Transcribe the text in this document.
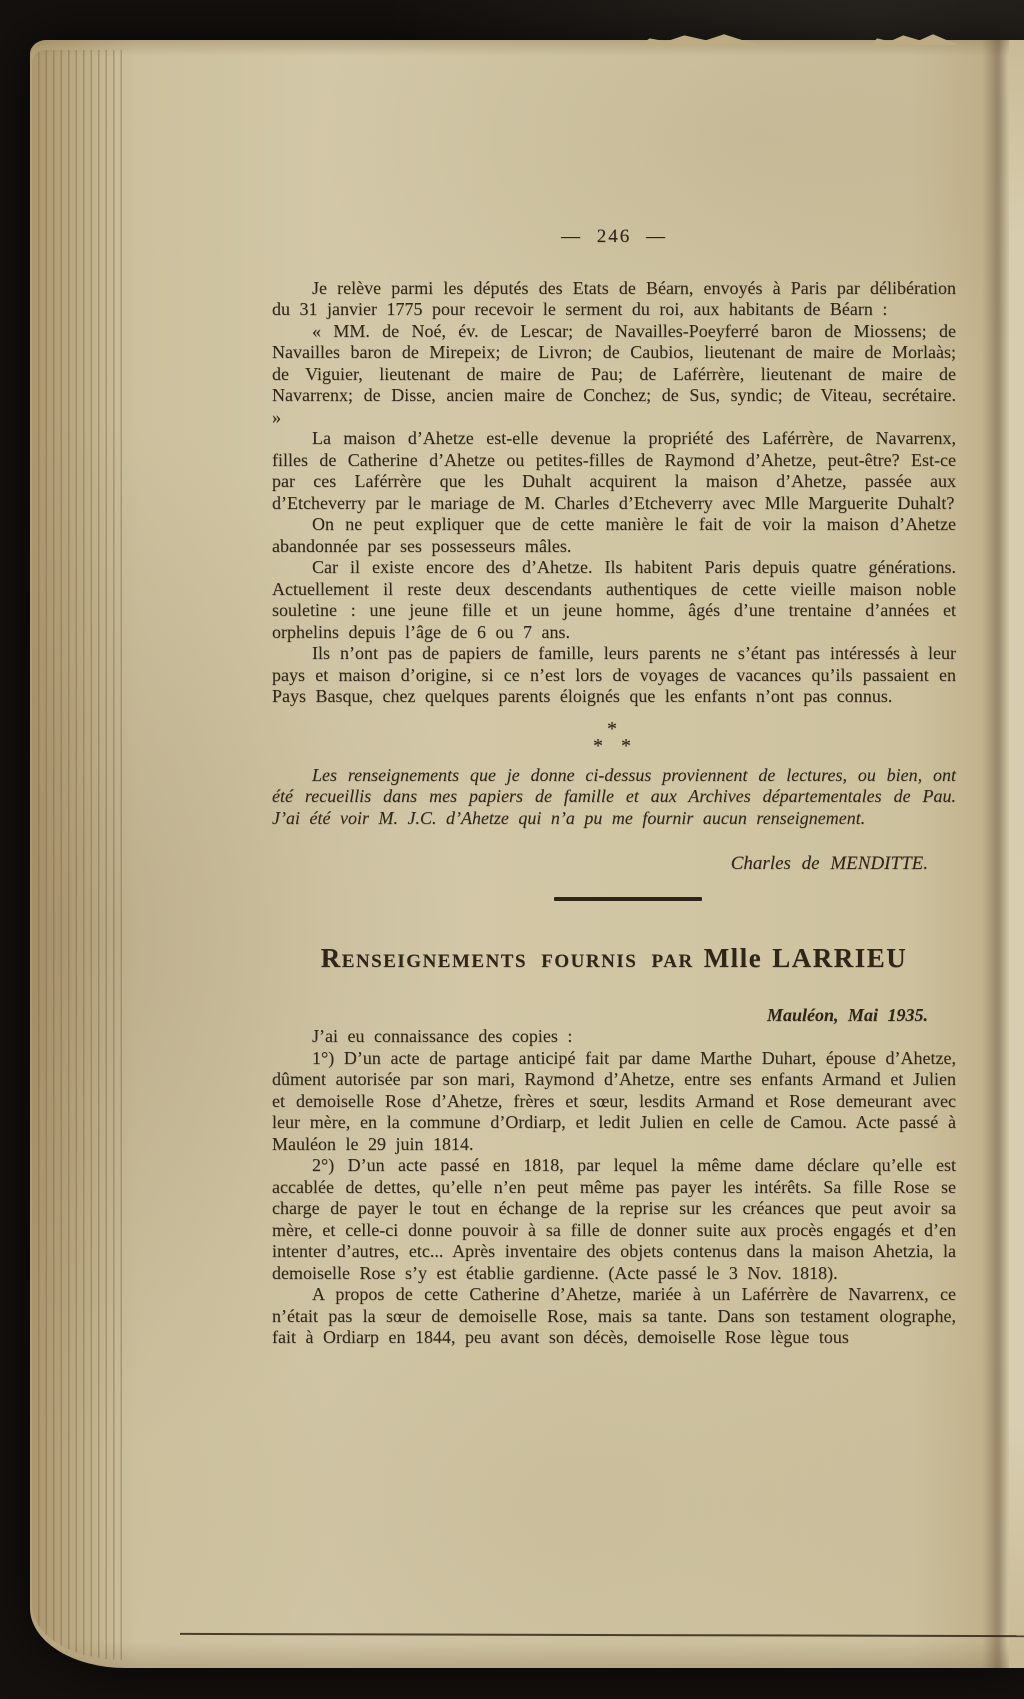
— 246 —

Je relève parmi les députés des Etats de Béarn, envoyés à Paris par délibération du 31 janvier 1775 pour recevoir le serment du roi, aux habitants de Béarn :

« MM. de Noé, év. de Lescar; de Navailles-Poeyferré baron de Miossens; de Navailles baron de Mirepeix; de Livron; de Caubios, lieutenant de maire de Morlaàs; de Viguier, lieutenant de maire de Pau; de Laférrère, lieutenant de maire de Navarrenx; de Disse, ancien maire de Conchez; de Sus, syndic; de Viteau, secrétaire. »

La maison d’Ahetze est-elle devenue la propriété des Laférrère, de Navarrenx, filles de Catherine d’Ahetze ou petites-filles de Raymond d’Ahetze, peut-être? Est-ce par ces Laférrère que les Duhalt acquirent la maison d’Ahetze, passée aux d’Etcheverry par le mariage de M. Charles d’Etcheverry avec Mlle Marguerite Duhalt?

On ne peut expliquer que de cette manière le fait de voir la maison d’Ahetze abandonnée par ses possesseurs mâles.

Car il existe encore des d’Ahetze. Ils habitent Paris depuis quatre générations. Actuellement il reste deux descendants authentiques de cette vieille maison noble souletine : une jeune fille et un jeune homme, âgés d’une trentaine d’années et orphelins depuis l’âge de 6 ou 7 ans.

Ils n’ont pas de papiers de famille, leurs parents ne s’étant pas intéressés à leur pays et maison d’origine, si ce n’est lors de voyages de vacances qu’ils passaient en Pays Basque, chez quelques parents éloignés que les enfants n’ont pas connus.

*
* *

Les renseignements que je donne ci-dessus proviennent de lectures, ou bien, ont été recueillis dans mes papiers de famille et aux Archives départementales de Pau. J’ai été voir M. J.C. d’Ahetze qui n’a pu me fournir aucun renseignement.

Charles de MENDITTE.
Renseignements fournis par Mlle LARRIEU
Mauléon, Mai 1935.

J’ai eu connaissance des copies :

1°) D’un acte de partage anticipé fait par dame Marthe Duhart, épouse d’Ahetze, dûment autorisée par son mari, Raymond d’Ahetze, entre ses enfants Armand et Julien et demoiselle Rose d’Ahetze, frères et sœur, lesdits Armand et Rose demeurant avec leur mère, en la commune d’Ordiarp, et ledit Julien en celle de Camou. Acte passé à Mauléon le 29 juin 1814.

2°) D’un acte passé en 1818, par lequel la même dame déclare qu’elle est accablée de dettes, qu’elle n’en peut même pas payer les intérêts. Sa fille Rose se charge de payer le tout en échange de la reprise sur les créances que peut avoir sa mère, et celle-ci donne pouvoir à sa fille de donner suite aux procès engagés et d’en intenter d’autres, etc... Après inventaire des objets contenus dans la maison Ahetzia, la demoiselle Rose s’y est établie gardienne. (Acte passé le 3 Nov. 1818).

A propos de cette Catherine d’Ahetze, mariée à un Laférrère de Navarrenx, ce n’était pas la sœur de demoiselle Rose, mais sa tante. Dans son testament olographe, fait à Ordiarp en 1844, peu avant son décès, demoiselle Rose lègue tous
